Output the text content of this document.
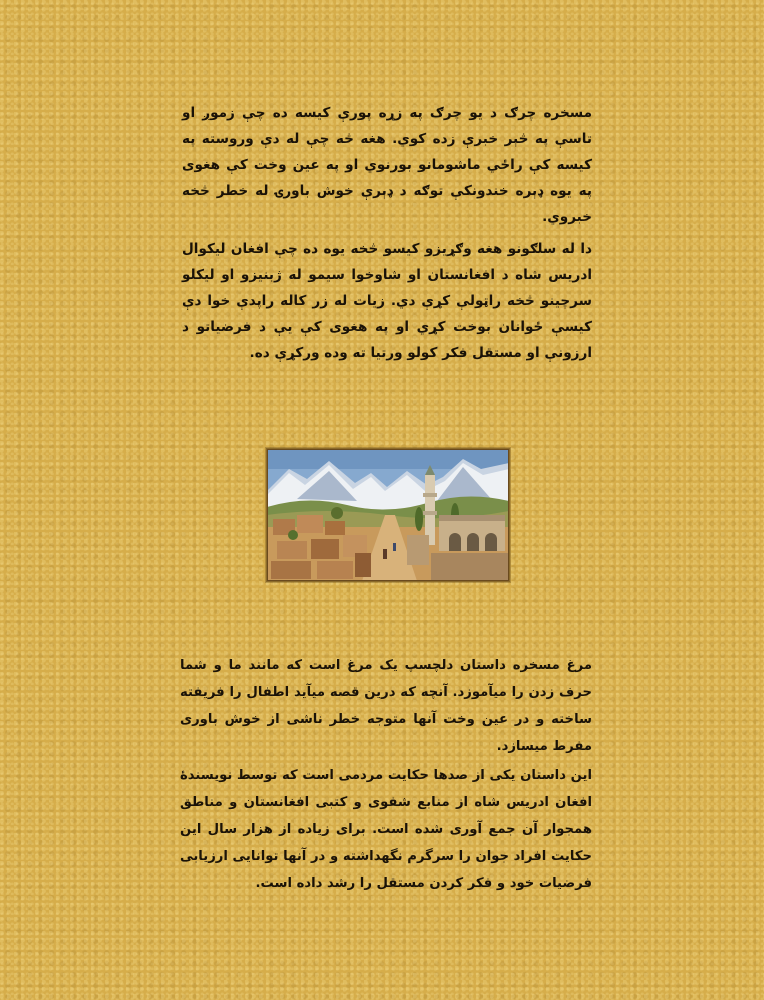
مسخره چرګ د يو چرګ په زړه پورې کيسه ده چې زموږ او تاسې په څېر خبرې زده کوي. هغه څه چې له دې وروسته په کيسه کې راځي ماشومانو بورنوي او په عين وخت کې هغوی په يوه ډېره خندونکې توګه د ډېرې خوش باورۍ له خطر څخه خبروي.

دا له سلګونو هغه وګړيزو کيسو څخه يوه ده چې افغان ليکوال ادريس شاه د افغانستان او شاوخوا سيمو له ژبنيزو او ليکلو سرچينو څخه راټولې کړې دي. زيات له زر کاله راپدې خوا دې کيسې ځوانان بوخت کړي او په هغوی کې يې د فرضياتو د ارزونې او مستقل فکر کولو ورتيا ته وده ورکړې ده.

مرغ مسخره داستان دلچسپ يک مرغ است که مانند ما و شما حرف زدن را ميآموزد. آنچه که درين قصه ميآيد اطفال را فريفته ساخته و در عين وخت آنها متوجه خطر ناشی از خوش باوری مفرط ميسازد.

اين داستان يکی از صدها حکايت مردمی است که توسط نويسندۀ افغان ادريس شاه از منابع شفوی و کتبی افغانستان و مناطق همجوار آن جمع آوری شده است. برای زياده از هزار سال اين حکايت افراد جوان را سرگرم نگهداشته و در آنها توانايی ارزيابی فرضيات خود و فکر کردن مستقل را رشد داده است.
